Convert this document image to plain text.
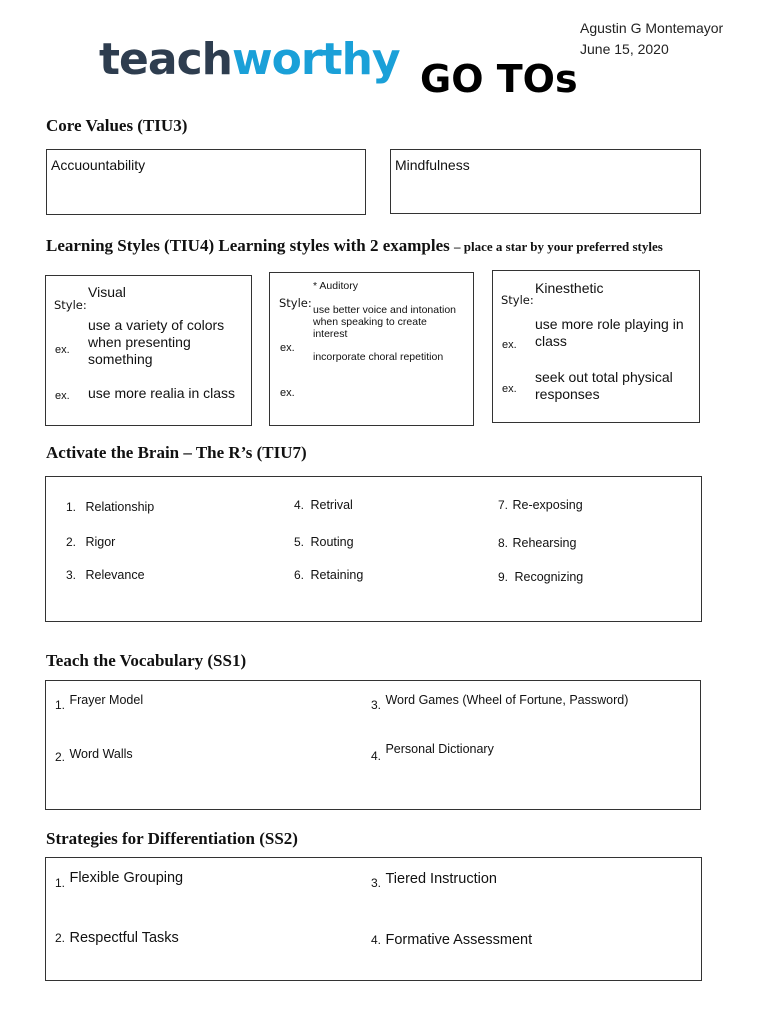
teachworthy GO TOs
Agustin G Montemayor
June 15, 2020
Core Values (TIU3)
Accuountability	Mindfulness
Learning Styles (TIU4) Learning styles with 2 examples – place a star by your preferred styles
Visual
Style:
use a variety of colors when presenting something
ex.
use more realia in class
ex.
* Auditory
Style: use better voice and intonation when speaking to create interest
ex.
incorporate choral repetition
ex.
Kinesthetic
Style:
use more role playing in class
ex.
seek out total physical responses
ex.
Activate the Brain – The R’s (TIU7)
1. Relationship
2. Rigor
3. Relevance
4. Retrival
5. Routing
6. Retaining
7. Re-exposing
8. Rehearsing
9. Recognizing
Teach the Vocabulary (SS1)
1. $^{Frayer Model}$
2. Word Walls
3. $^{Word Games (Wheel of Fortune, Password)}$
4. $^{Personal Dictionary}$
Strategies for Differentiation (SS2)
1. Flexible Grouping
2. Respectful Tasks
3. Tiered Instruction
4. Formative Assessment
